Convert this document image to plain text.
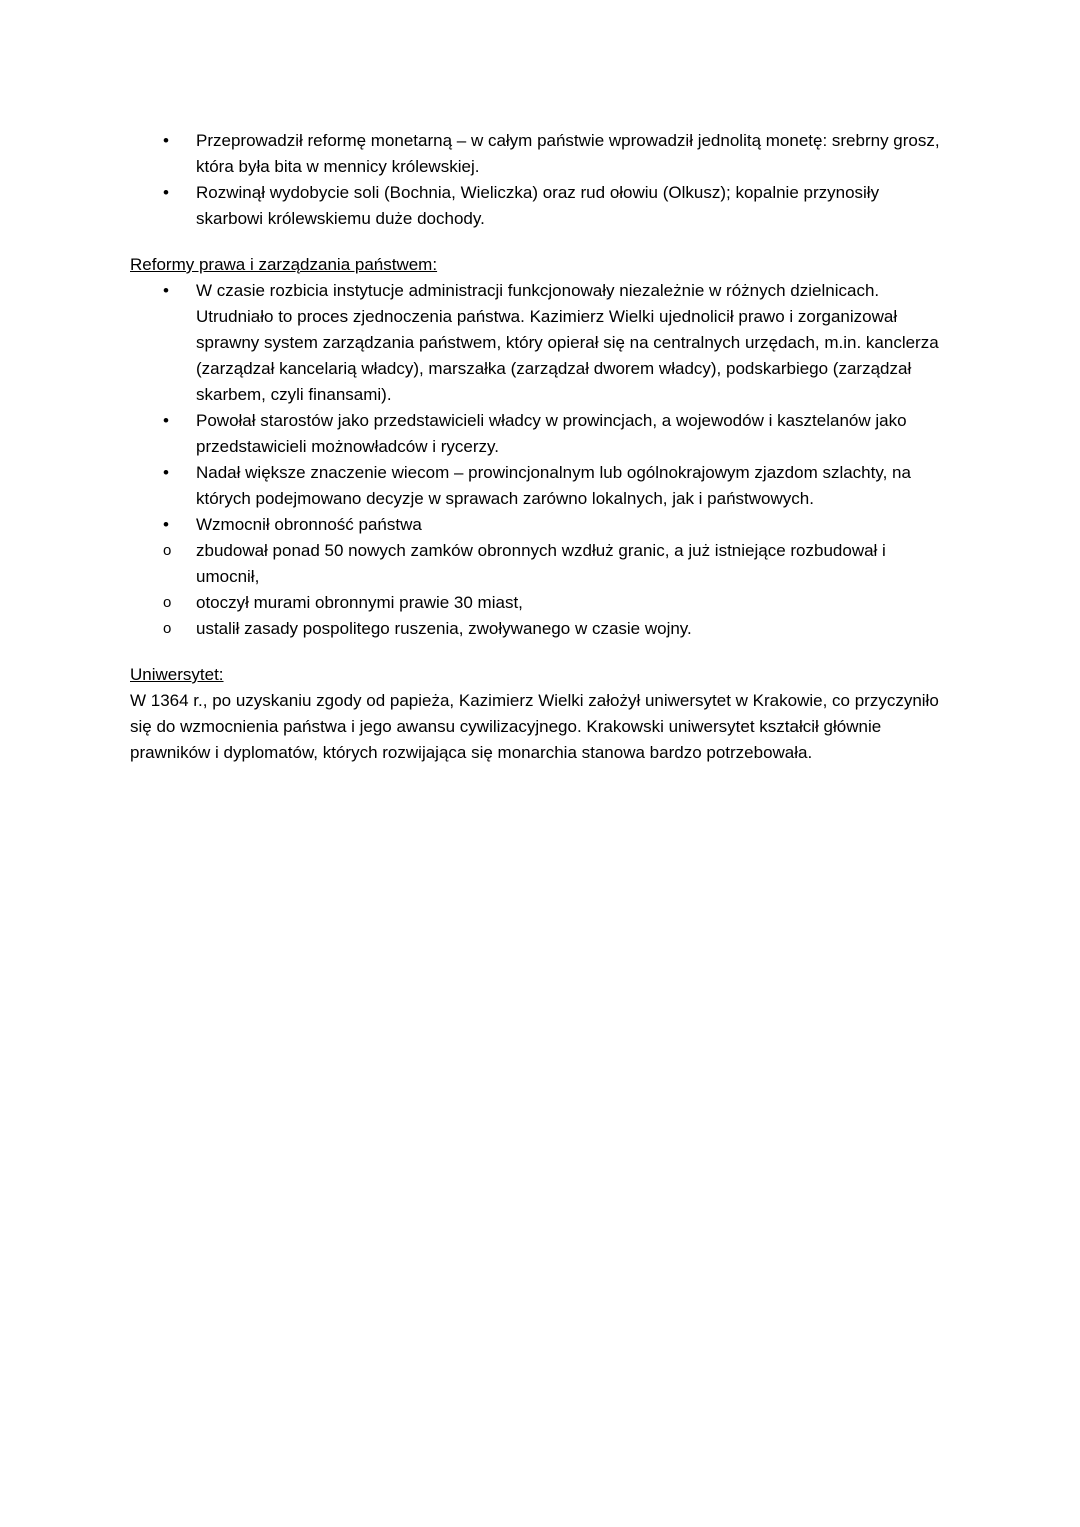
•	Przeprowadził reformę monetarną – w całym państwie wprowadził jednolitą monetę: srebrny grosz, która była bita w mennicy królewskiej.
•	Rozwinął wydobycie soli (Bochnia, Wieliczka) oraz rud ołowiu (Olkusz); kopalnie przynosiły skarbowi królewskiemu duże dochody.
Reformy prawa i zarządzania państwem:
•	W czasie rozbicia instytucje administracji funkcjonowały niezależnie w różnych dzielnicach. Utrudniało to proces zjednoczenia państwa. Kazimierz Wielki ujednolicił prawo i zorganizował sprawny system zarządzania państwem, który opierał się na centralnych urzędach, m.in. kanclerza (zarządzał kancelarią władcy), marszałka (zarządzał dworem władcy), podskarbiego (zarządzał skarbem, czyli finansami).
•	Powołał starostów jako przedstawicieli władcy w prowincjach, a wojewodów i kasztelanów jako przedstawicieli możnowładców i rycerzy.
•	Nadał większe znaczenie wiecom – prowincjonalnym lub ogólnokrajowym zjazdom szlachty, na których podejmowano decyzje w sprawach zarówno lokalnych, jak i państwowych.
•	Wzmocnił obronność państwa
o	zbudował ponad 50 nowych zamków obronnych wzdłuż granic, a już istniejące rozbudował i umocnił,
o	otoczył murami obronnymi prawie 30 miast,
o	ustalił zasady pospolitego ruszenia, zwoływanego w czasie wojny.
Uniwersytet:

W 1364 r., po uzyskaniu zgody od papieża, Kazimierz Wielki założył uniwersytet w Krakowie, co przyczyniło się do wzmocnienia państwa i jego awansu cywilizacyjnego. Krakowski uniwersytet kształcił głównie prawników i dyplomatów, których rozwijająca się monarchia stanowa bardzo potrzebowała.
